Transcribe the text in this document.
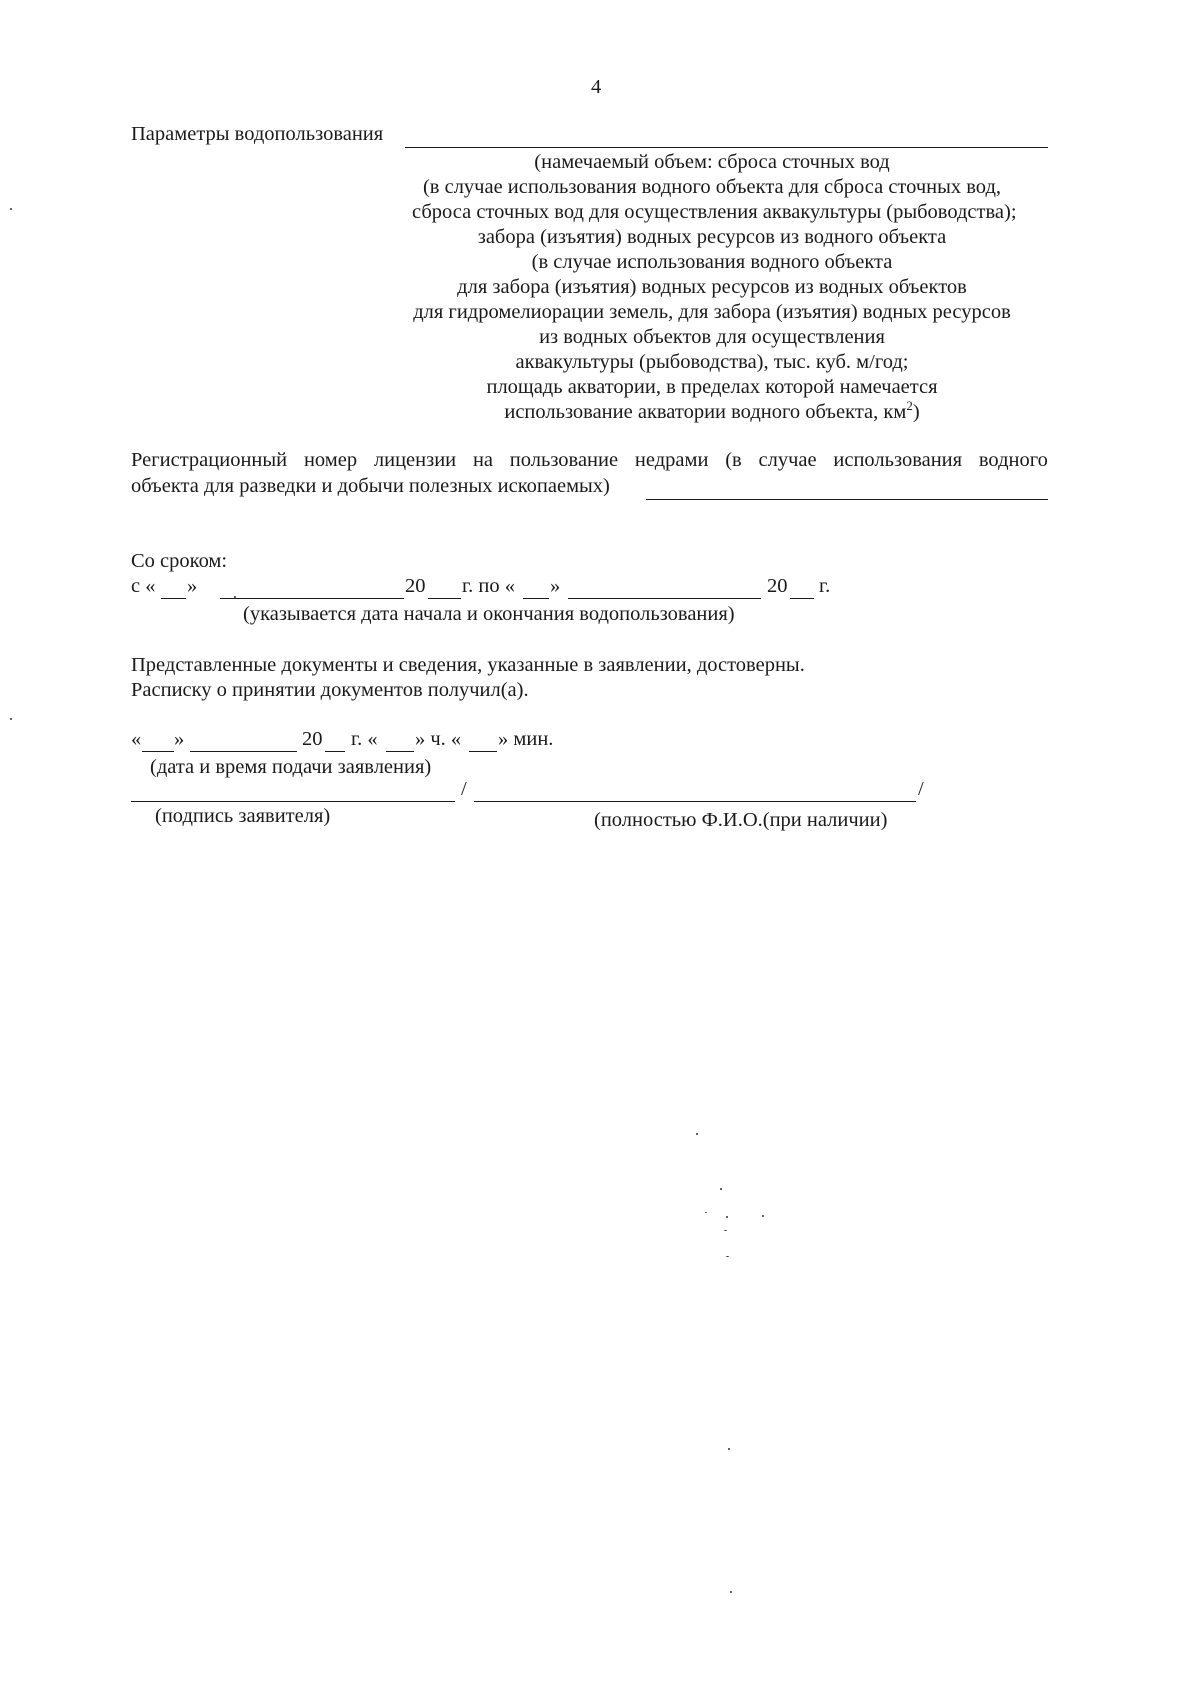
4
Параметры водопользования
(намечаемый объем: сброса сточных вод
(в случае использования водного объекта для сброса сточных вод,
сброса сточных вод для осуществления аквакультуры (рыбоводства);
забора (изъятия) водных ресурсов из водного объекта
(в случае использования водного объекта
для забора (изъятия) водных ресурсов из водных объектов
для гидромелиорации земель, для забора (изъятия) водных ресурсов
из водных объектов для осуществления
аквакультуры (рыбоводства), тыс. куб. м/год;
площадь акватории, в пределах которой намечается
использование акватории водного объекта, $км^2$)
Регистрационный номер лицензии на пользование недрами (в случае использования водного
объекта для разведки и добычи полезных ископаемых)
Со сроком:
с « »	20 г. по « »	20 г.
(указывается дата начала и окончания водопользования)
Представленные документы и сведения, указанные в заявлении, достоверны.
Расписку о принятии документов получил(а).
« »	20 г. « » ч. « » мин.
(дата и время подачи заявления)
/	/
(подпись заявителя)	(полностью Ф.И.О.(при наличии)
